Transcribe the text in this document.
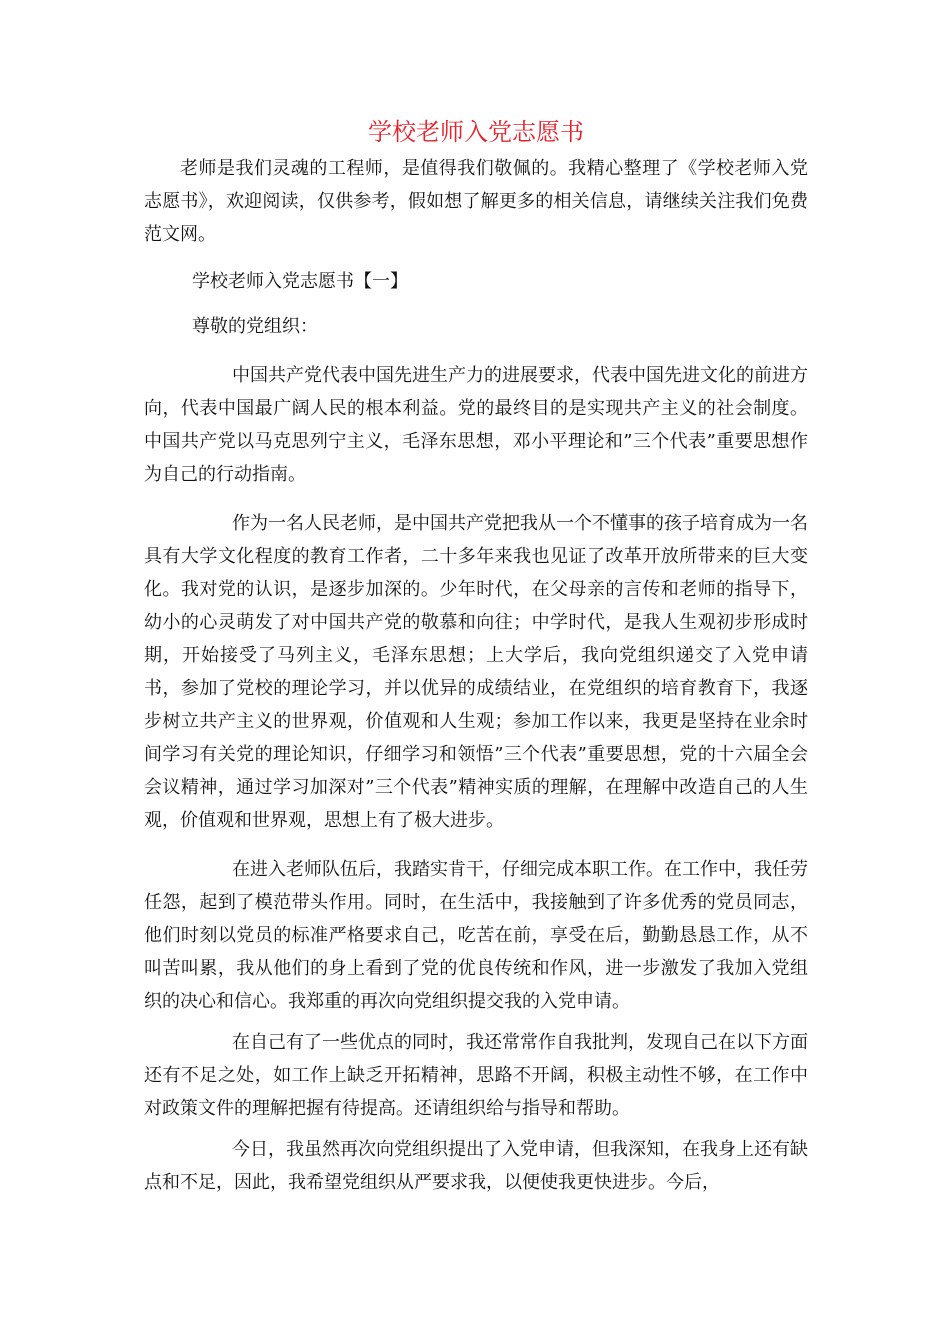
学校老师入党志愿书

老师是我们灵魂的工程师，是值得我们敬佩的。我精心整理了《学校老师入党志愿书》，欢迎阅读，仅供参考，假如想了解更多的相关信息，请继续关注我们免费范文网。

学校老师入党志愿书【一】

尊敬的党组织：

中国共产党代表中国先进生产力的进展要求，代表中国先进文化的前进方向，代表中国最广阔人民的根本利益。党的最终目的是实现共产主义的社会制度。中国共产党以马克思列宁主义，毛泽东思想，邓小平理论和”三个代表”重要思想作为自己的行动指南。

作为一名人民老师，是中国共产党把我从一个不懂事的孩子培育成为一名具有大学文化程度的教育工作者，二十多年来我也见证了改革开放所带来的巨大变化。我对党的认识，是逐步加深的。少年时代，在父母亲的言传和老师的指导下，幼小的心灵萌发了对中国共产党的敬慕和向往；中学时代，是我人生观初步形成时期，开始接受了马列主义，毛泽东思想；上大学后，我向党组织递交了入党申请书，参加了党校的理论学习，并以优异的成绩结业，在党组织的培育教育下，我逐步树立共产主义的世界观，价值观和人生观；参加工作以来，我更是坚持在业余时间学习有关党的理论知识，仔细学习和领悟”三个代表”重要思想，党的十六届全会会议精神，通过学习加深对”三个代表”精神实质的理解，在理解中改造自己的人生观，价值观和世界观，思想上有了极大进步。

在进入老师队伍后，我踏实肯干，仔细完成本职工作。在工作中，我任劳任怨，起到了模范带头作用。同时，在生活中，我接触到了许多优秀的党员同志，他们时刻以党员的标准严格要求自己，吃苦在前，享受在后，勤勤恳恳工作，从不叫苦叫累，我从他们的身上看到了党的优良传统和作风，进一步激发了我加入党组织的决心和信心。我郑重的再次向党组织提交我的入党申请。

在自己有了一些优点的同时，我还常常作自我批判，发现自己在以下方面还有不足之处，如工作上缺乏开拓精神，思路不开阔，积极主动性不够，在工作中对政策文件的理解把握有待提高。还请组织给与指导和帮助。

今日，我虽然再次向党组织提出了入党申请，但我深知，在我身上还有缺点和不足，因此，我希望党组织从严要求我，以便使我更快进步。今后，
